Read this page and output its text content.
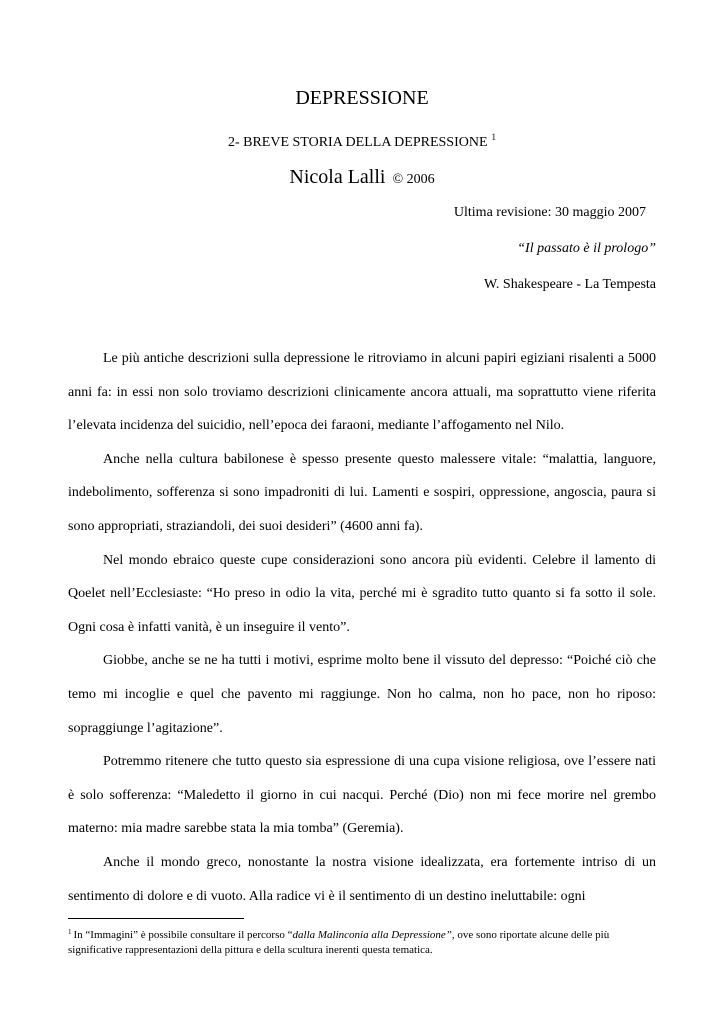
DEPRESSIONE
2- BREVE STORIA DELLA DEPRESSIONE $^1$
Nicola Lalli © 2006
Ultima revisione: 30 maggio 2007
“Il passato è il prologo”
W. Shakespeare - La Tempesta

Le più antiche descrizioni sulla depressione le ritroviamo in alcuni papiri egiziani risalenti a 5000 anni fa: in essi non solo troviamo descrizioni clinicamente ancora attuali, ma soprattutto viene riferita l’elevata incidenza del suicidio, nell’epoca dei faraoni, mediante l’affogamento nel Nilo.

Anche nella cultura babilonese è spesso presente questo malessere vitale: “malattia, languore, indebolimento, sofferenza si sono impadroniti di lui. Lamenti e sospiri, oppressione, angoscia, paura si sono appropriati, straziandoli, dei suoi desideri” (4600 anni fa).

Nel mondo ebraico queste cupe considerazioni sono ancora più evidenti. Celebre il lamento di Qoelet nell’Ecclesiaste: “Ho preso in odio la vita, perché mi è sgradito tutto quanto si fa sotto il sole. Ogni cosa è infatti vanità, è un inseguire il vento”.

Giobbe, anche se ne ha tutti i motivi, esprime molto bene il vissuto del depresso: “Poiché ciò che temo mi incoglie e quel che pavento mi raggiunge. Non ho calma, non ho pace, non ho riposo: sopraggiunge l’agitazione”.

Potremmo ritenere che tutto questo sia espressione di una cupa visione religiosa, ove l’essere nati è solo sofferenza: “Maledetto il giorno in cui nacqui. Perché (Dio) non mi fece morire nel grembo materno: mia madre sarebbe stata la mia tomba” (Geremia).

Anche il mondo greco, nonostante la nostra visione idealizzata, era fortemente intriso di un sentimento di dolore e di vuoto. Alla radice vi è il sentimento di un destino ineluttabile: ogni

$^1$ In “Immagini” è possibile consultare il percorso “dalla Malinconia alla Depressione”, ove sono riportate alcune delle più significative rappresentazioni della pittura e della scultura inerenti questa tematica.
